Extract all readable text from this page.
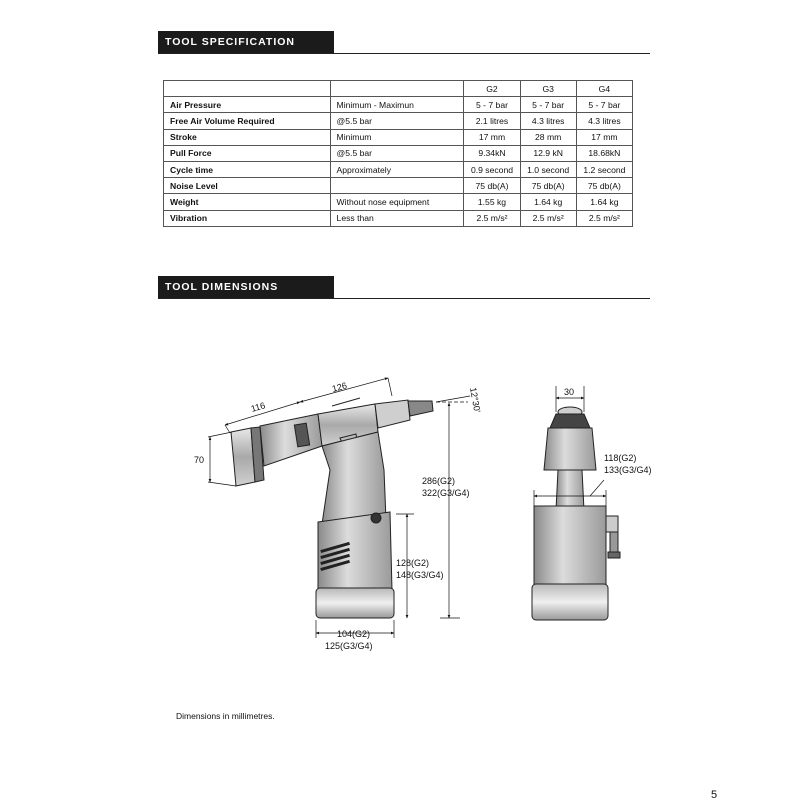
TOOL SPECIFICATION
TOOL DIMENSIONS
		G2	G3	G4
Air Pressure	Minimum - Maximun	5 - 7 bar	5 - 7 bar	5 - 7 bar
Free Air Volume Required	@5.5 bar	2.1 litres	4.3 litres	4.3 litres
Stroke	Minimum	17 mm	28 mm	17 mm
Pull Force	@5.5 bar	9.34kN	12.9 kN	18.68kN
Cycle time	Approximately	0.9 second	1.0 second	1.2 second
Noise Level		75 db(A)	75 db(A)	75 db(A)
Weight	Without nose equipment	1.55 kg	1.64 kg	1.64 kg
Vibration	Less than	2.5 m/s²	2.5 m/s²	2.5 m/s²
116
126	12°30'
70
286(G2)
322(G3/G4)
128(G2)
148(G3/G4)
104(G2)
125(G3/G4)
30
118(G2)
133(G3/G4)
Dimensions in millimetres.
5
